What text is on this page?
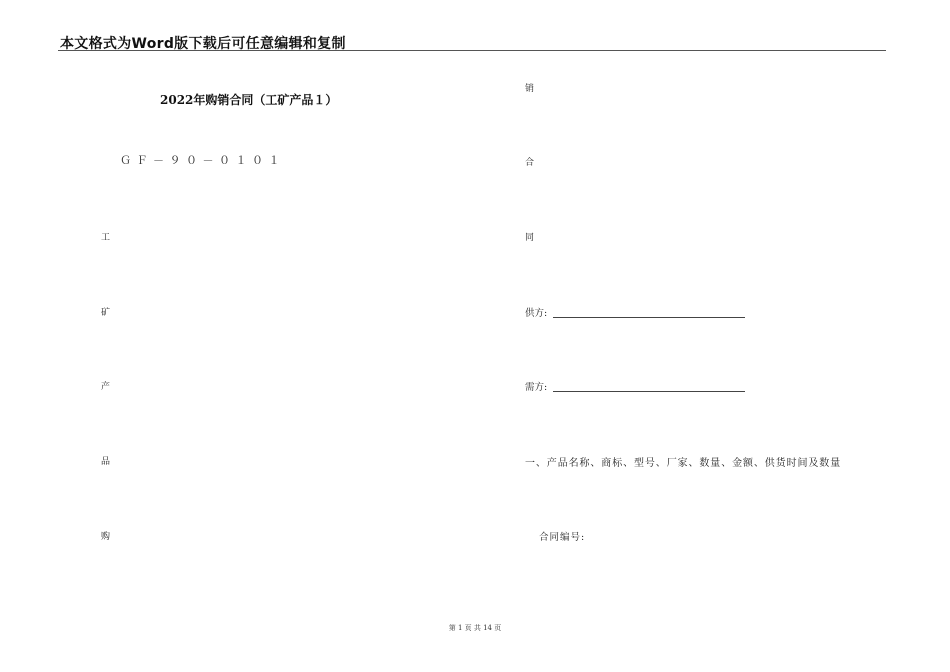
本文格式为Word版下载后可任意编辑和复制
2022年购销合同（工矿产品１）
ＧＦ－９０－０１０１
工
矿
产
品
购
销
合
同
供方:
需方:
一、产品名称、商标、型号、厂家、数量、金额、供货时间及数量
合同编号:
第 1 页 共 14 页
